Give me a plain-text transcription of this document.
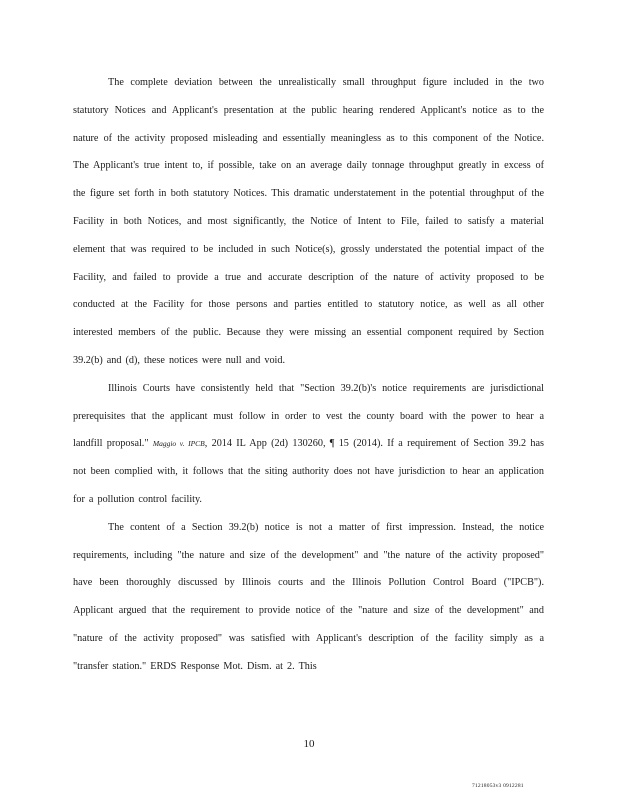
The complete deviation between the unrealistically small throughput figure included in the two statutory Notices and Applicant's presentation at the public hearing rendered Applicant's notice as to the nature of the activity proposed misleading and essentially meaningless as to this component of the Notice. The Applicant's true intent to, if possible, take on an average daily tonnage throughput greatly in excess of the figure set forth in both statutory Notices. This dramatic understatement in the potential throughput of the Facility in both Notices, and most significantly, the Notice of Intent to File, failed to satisfy a material element that was required to be included in such Notice(s), grossly understated the potential impact of the Facility, and failed to provide a true and accurate description of the nature of activity proposed to be conducted at the Facility for those persons and parties entitled to statutory notice, as well as all other interested members of the public. Because they were missing an essential component required by Section 39.2(b) and (d), these notices were null and void.

Illinois Courts have consistently held that "Section 39.2(b)'s notice requirements are jurisdictional prerequisites that the applicant must follow in order to vest the county board with the power to hear a landfill proposal." Maggio v. IPCB, 2014 IL App (2d) 130260, ¶ 15 (2014). If a requirement of Section 39.2 has not been complied with, it follows that the siting authority does not have jurisdiction to hear an application for a pollution control facility.

The content of a Section 39.2(b) notice is not a matter of first impression. Instead, the notice requirements, including "the nature and size of the development" and "the nature of the activity proposed" have been thoroughly discussed by Illinois courts and the Illinois Pollution Control Board ("IPCB"). Applicant argued that the requirement to provide notice of the "nature and size of the development" and "nature of the activity proposed" was satisfied with Applicant's description of the facility simply as a "transfer station." ERDS Response Mot. Dism. at 2. This

10
71218053v3 0912281
